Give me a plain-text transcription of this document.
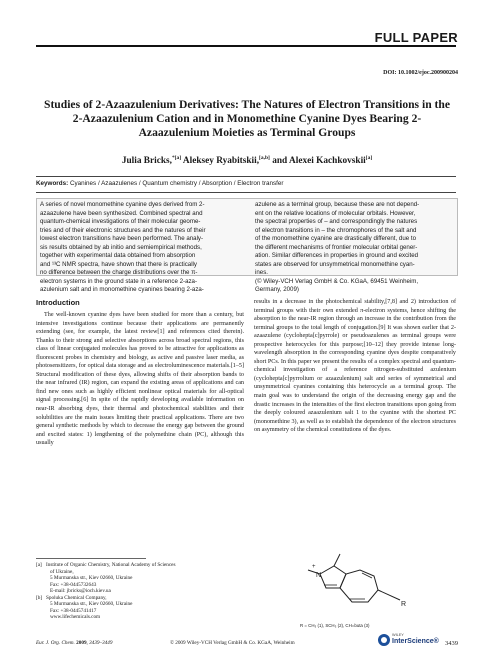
FULL PAPER
DOI: 10.1002/ejoc.200900204
Studies of 2-Azaazulenium Derivatives: The Natures of Electron Transitions in the 2-Azaazulenium Cation and in Monomethine Cyanine Dyes Bearing 2-Azaazulenium Moieties as Terminal Groups
Julia Bricks,$^{*[a]}$ Aleksey Ryabitskii,[a,b] and Alexei Kachkovskii[a]
Keywords: Cyanines / Azaazulenes / Quantum chemistry / Absorption / Electron transfer
A series of novel monomethine cyanine dyes derived from 2-
azaazulene have been synthesized. Combined spectral and
quantum-chemical investigations of their molecular geome-
tries and of their electronic structures and the natures of their
lowest electron transitions have been performed. The analy-
sis results obtained by ab initio and semiempirical methods,
together with experimental data obtained from absorption
and ¹³C NMR spectra, have shown that there is practically
no difference between the charge distributions over the π-
electron systems in the ground state in a reference 2-aza-
azulenium salt and in monomethine cyanines bearing 2-aza-
azulene as a terminal group, because these are not depend-
ent on the relative locations of molecular orbitals. However,
the spectral properties of – and correspondingly the natures
of electron transitions in – the chromophores of the salt and
of the monomethine cyanine are drastically different, due to
the different mechanisms of frontier molecular orbital gener-
ation. Similar differences in properties in ground and excited
states are observed for unsymmetrical monomethine cyan-
ines.
(© Wiley-VCH Verlag GmbH & Co. KGaA, 69451 Weinheim,
Germany, 2009)
Introduction
The well-known cyanine dyes have been studied for more than a century, but intensive investigations continue because their applications are permanently extending (see, for example, the latest review[1] and references cited therein). Thanks to their strong and selective absorptions across broad spectral regions, this class of linear conjugated molecules has proved to be attractive for applications as fluorescent probes in chemistry and biology, as active and passive laser media, as photosensitizers, for optical data storage and as electroluminescence materials.[1–5] Structural modification of these dyes, allowing shifts of their absorption bands to the near infrared (IR) region, can expand the existing areas of applications and can find new ones such as highly efficient nonlinear optical materials for all-optical signal processing.[6] In spite of the rapidly developing available information on near-IR absorbing dyes, their thermal and photochemical stabilities and their solubilities are the main issues limiting their practical applications. There are two general synthetic methods by which to decrease the energy gap between the ground and excited states: 1) lengthening of the polymethine chain (PC), although this usually
results in a decrease in the photochemical stability,[7,8] and 2) introduction of terminal groups with their own extended π-electron systems, hence shifting the absorption to the near-IR region through an increase in the contribution from the terminal groups to the total length of conjugation.[9] It was shown earlier that 2-azaazulene (cyclohepta[c]pyrrole) or pseudoazulenes as terminal groups were prospective heterocycles for this purpose;[10–12] they provide intense long-wavelength absorption in the corresponding cyanine dyes despite comparatively short PCs. In this paper we present the results of a complex spectral and quantum-chemical investigation of a reference nitrogen-substituted azulenium (cyclohepta[c]pyrrolium or azaazulenium) salt and series of symmetrical and unsymmetrical cyanines containing this heterocycle as a terminal group. The main goal was to understand the origin of the decreasing energy gap and the drastic increases in the intensities of the first electron transitions upon going from the deeply coloured azaazulenium salt 1 to the cyanine with the shortest PC (monomethine 3), as well as to establish the dependence of the electron structures on asymmetry of the chemical constitutions of the dyes.
[a] Institute of Organic Chemistry, National Academy of Sciences
of Ukraine,
5 Murmanska str., Kiev 02660, Ukraine
Fax: +38-0445732643
E-mail: jbricks@ioch.kiev.ua
[b] Spoluka Chemical Company,
5 Murmanska str., Kiev 02660, Ukraine
Fax: +38-0445741417
www.lifechemicals.com
N
+
R
R = CH₃ (1), SCH₃ (2), CH=buta (3)
Eur. J. Org. Chem. 2009, 3439–3449	© 2009 Wiley-VCH Verlag GmbH & Co. KGaA, Weinheim
WILEY
InterScience® 3439
